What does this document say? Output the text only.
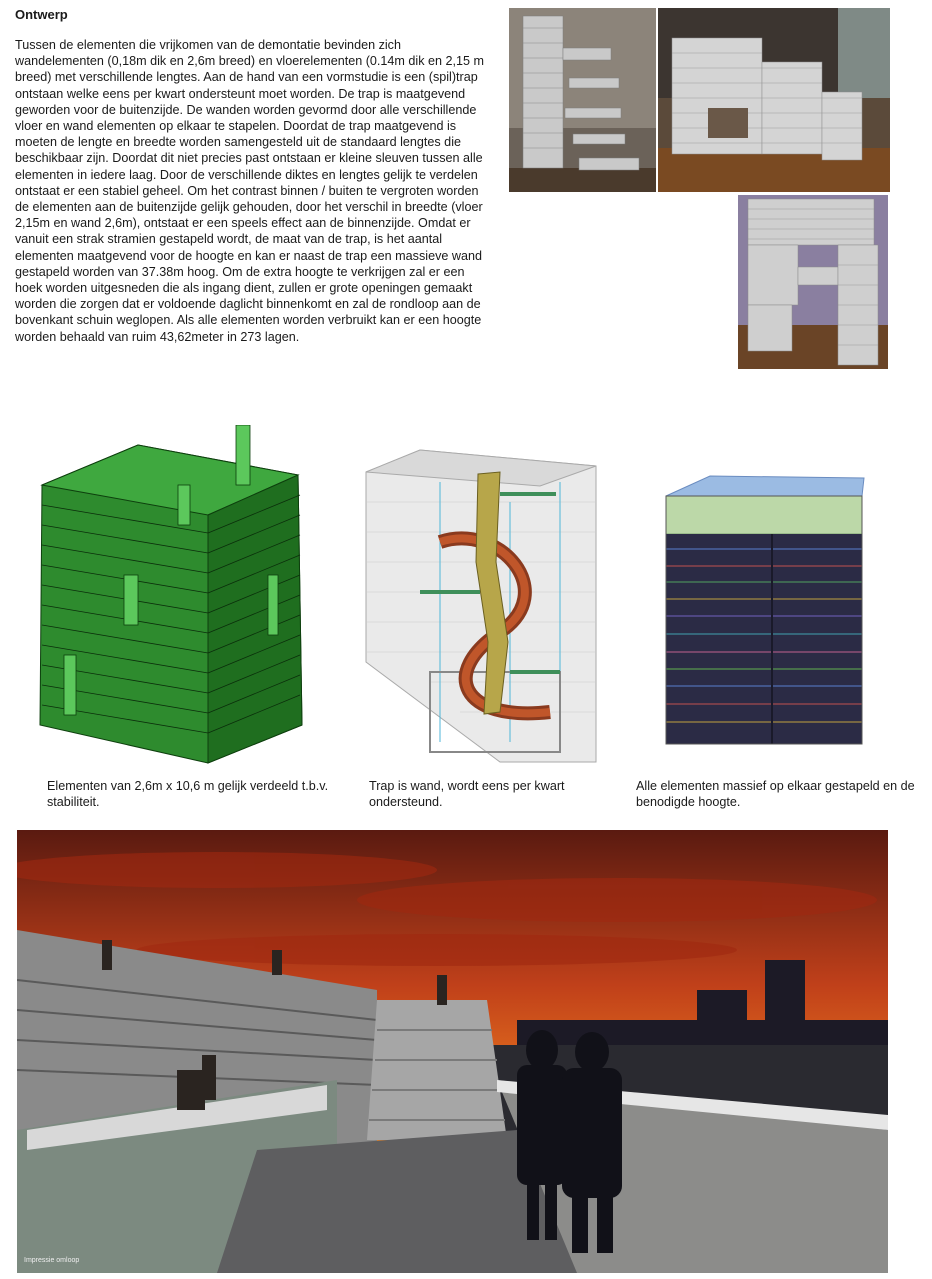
Ontwerp
Tussen de elementen die vrijkomen van de demontatie bevinden zich wandelementen (0,18m dik en 2,6m breed) en vloerelementen (0.14m dik en 2,15 m breed) met verschillende lengtes. Aan de hand van een vormstudie is een (spil)trap ontstaan welke eens per kwart ondersteunt moet worden. De trap is maatgevend geworden voor de buitenzijde. De wanden worden gevormd door alle verschillende vloer en wand elementen op elkaar te stapelen. Doordat de trap maatgevend is moeten de lengte en breedte worden samengesteld uit de standaard lengtes die beschikbaar zijn. Doordat dit niet precies past ontstaan er kleine sleuven tussen alle elementen in iedere laag. Door de verschillende diktes en lengtes gelijk te verdelen ontstaat er een stabiel geheel. Om het contrast binnen / buiten te vergroten worden de elementen aan de buitenzijde gelijk gehouden, door het verschil in breedte (vloer 2,15m en wand 2,6m), ontstaat er een speels effect aan de binnenzijde. Omdat er vanuit een strak stramien gestapeld wordt, de maat van de trap, is het aantal elementen maatgevend voor de hoogte en kan er naast de trap een massieve wand gestapeld worden van 37.38m hoog. Om de extra hoogte te verkrijgen zal er een hoek worden uitgesneden die als ingang dient, zullen er grote openingen gemaakt worden die zorgen dat er voldoende daglicht binnenkomt en zal de rondloop aan de bovenkant schuin weglopen. Als alle elementen worden verbruikt kan er een hoogte worden behaald van ruim 43,62meter in 273 lagen.
Elementen van 2,6m x 10,6 m gelijk verdeeld t.b.v. stabiliteit.
Trap is wand, wordt eens per kwart ondersteund.
Alle elementen massief op elkaar gestapeld en de benodigde hoogte.
Impressie omloop
